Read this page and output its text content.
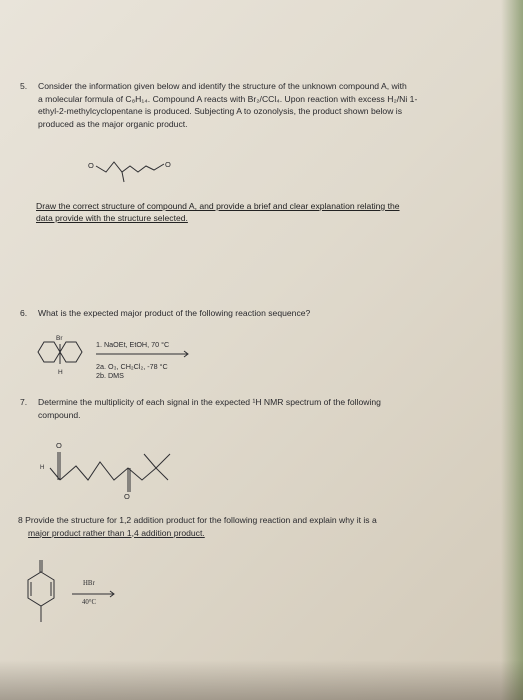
5. Consider the information given below and identify the structure of the unknown compound A, with
a molecular formula of C₈H₁₄. Compound A reacts with Br₂/CCl₄. Upon reaction with excess H₂/Ni 1-
ethyl-2-methylcyclopentane is produced. Subjecting A to ozonolysis, the product shown below is
produced as the major organic product.
O	O
Draw the correct structure of compound A, and provide a brief and clear explanation relating the
data provide with the structure selected.
6. What is the expected major product of the following reaction sequence?
Br
H
1. NaOEt, EtOH, 70 °C
2a. O₃, CH₂Cl₂, -78 °C
2b. DMS
7. Determine the multiplicity of each signal in the expected ¹H NMR spectrum of the following
compound.
O
H
O
8 Provide the structure for 1,2 addition product for the following reaction and explain why it is a
major product rather than 1,4 addition product.
HBr
40°C
